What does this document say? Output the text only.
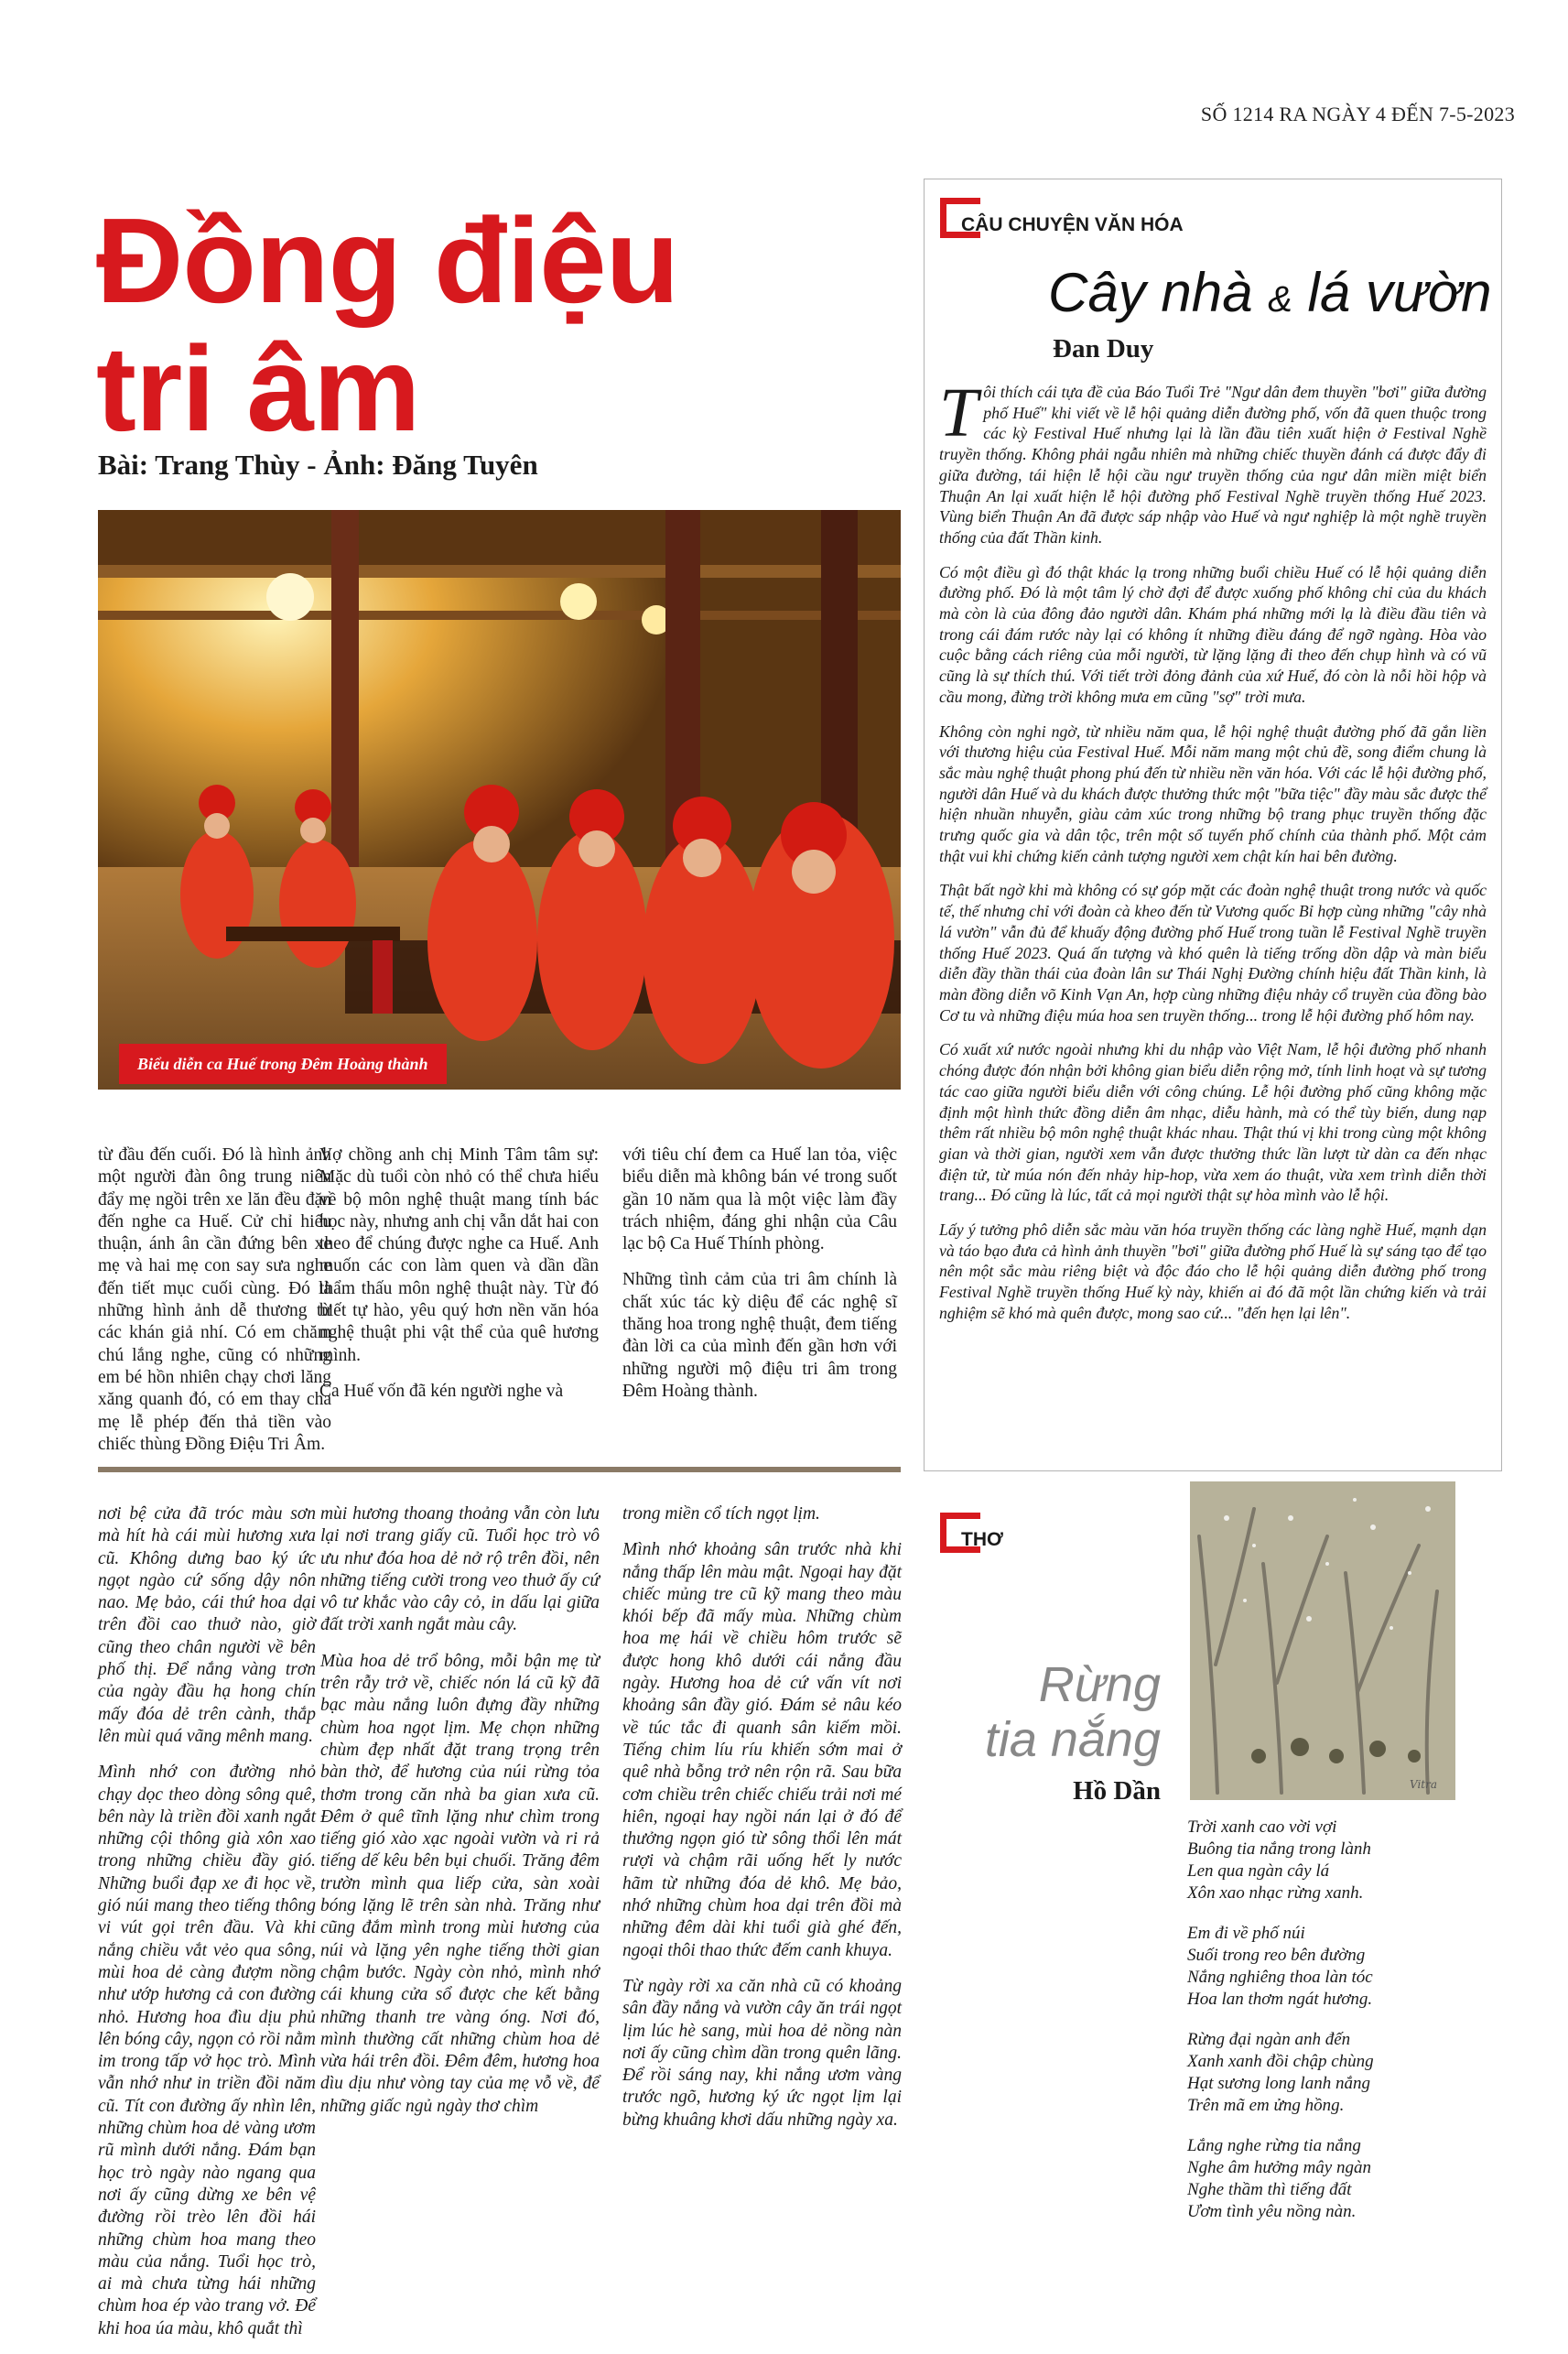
SỐ 1214 RA NGÀY 4 ĐẾN 7-5-2023
Đồng điệu
tri âm
Bài: Trang Thùy - Ảnh: Đăng Tuyên
Biểu diễn ca Huế trong Đêm Hoàng thành

từ đầu đến cuối. Đó là hình ảnh một người đàn ông trung niên đẩy mẹ ngồi trên xe lăn đều đặn đến nghe ca Huế. Cử chỉ hiếu thuận, ánh ân cần đứng bên xe mẹ và hai mẹ con say sưa nghe đến tiết mục cuối cùng. Đó là những hình ảnh dễ thương từ các khán giả nhí. Có em chăm chú lắng nghe, cũng có những em bé hồn nhiên chạy chơi lăng xăng quanh đó, có em thay cha mẹ lễ phép đến thả tiền vào chiếc thùng Đồng Điệu Tri Âm.

Vợ chồng anh chị Minh Tâm tâm sự: Mặc dù tuổi còn nhỏ có thể chưa hiểu về bộ môn nghệ thuật mang tính bác học này, nhưng anh chị vẫn dắt hai con theo để chúng được nghe ca Huế. Anh muốn các con làm quen và dần dần thẩm thấu môn nghệ thuật này. Từ đó biết tự hào, yêu quý hơn nền văn hóa nghệ thuật phi vật thể của quê hương mình.

Ca Huế vốn đã kén người nghe và

với tiêu chí đem ca Huế lan tỏa, việc biểu diễn mà không bán vé trong suốt gần 10 năm qua là một việc làm đầy trách nhiệm, đáng ghi nhận của Câu lạc bộ Ca Huế Thính phòng.

Những tình cảm của tri âm chính là chất xúc tác kỳ diệu để các nghệ sĩ thăng hoa trong nghệ thuật, đem tiếng đàn lời ca của mình đến gần hơn với những người mộ điệu tri âm trong Đêm Hoàng thành.

nơi bệ cửa đã tróc màu sơn mà hít hà cái mùi hương xưa cũ. Không dưng bao ký ức ngọt ngào cứ sống dậy nôn nao. Mẹ bảo, cái thứ hoa dại trên đồi cao thuở nào, giờ cũng theo chân người về bên phố thị. Để nắng vàng trơn của ngày đầu hạ hong chín mấy đóa dẻ trên cành, thắp lên mùi quá vãng mênh mang.

Mình nhớ con đường nhỏ chạy dọc theo dòng sông quê, bên này là triền đồi xanh ngắt những cội thông già xôn xao trong những chiều đầy gió. Những buổi đạp xe đi học về, gió núi mang theo tiếng thông vi vút gọi trên đầu. Và khi nắng chiều vắt vẻo qua sông, mùi hoa dẻ càng đượm nồng như ướp hương cả con đường nhỏ. Hương hoa đìu dịu phủ lên bóng cây, ngọn cỏ rồi nằm im trong tấp vở học trò. Mình vẫn nhớ như in triền đồi năm cũ. Tít con đường ấy nhìn lên, những chùm hoa dẻ vàng ươm rũ mình dưới nắng. Đám bạn học trò ngày nào ngang qua nơi ấy cũng dừng xe bên vệ đường rồi trèo lên đồi hái những chùm hoa mang theo màu của nắng. Tuổi học trò, ai mà chưa từng hái những chùm hoa ép vào trang vở. Để khi hoa úa màu, khô quắt thì

mùi hương thoang thoảng vẫn còn lưu lại nơi trang giấy cũ. Tuổi học trò vô ưu như đóa hoa dẻ nở rộ trên đồi, nên những tiếng cười trong veo thuở ấy cứ vô tư khắc vào cây cỏ, in dấu lại giữa đất trời xanh ngắt màu cây.

Mùa hoa dẻ trổ bông, mỗi bận mẹ từ trên rẫy trở về, chiếc nón lá cũ kỹ đã bạc màu nắng luôn đựng đầy những chùm hoa ngọt lịm. Mẹ chọn những chùm đẹp nhất đặt trang trọng trên bàn thờ, để hương của núi rừng tỏa thơm trong căn nhà ba gian xưa cũ. Đêm ở quê tĩnh lặng như chìm trong tiếng gió xào xạc ngoài vườn và ri rả tiếng dế kêu bên bụi chuối. Trăng đêm trườn mình qua liếp cửa, sàn xoài bóng lặng lẽ trên sàn nhà. Trăng như cũng đắm mình trong mùi hương của núi và lặng yên nghe tiếng thời gian chậm bước. Ngày còn nhỏ, mình nhớ cái khung cửa sổ được che kết bằng những thanh tre vàng óng. Nơi đó, mình thường cất những chùm hoa dẻ vừa hái trên đồi. Đêm đêm, hương hoa dìu dịu như vòng tay của mẹ vỗ về, để những giấc ngủ ngày thơ chìm

trong miền cổ tích ngọt lịm.

Mình nhớ khoảng sân trước nhà khi nắng thấp lên màu mật. Ngoại hay đặt chiếc mủng tre cũ kỹ mang theo màu khói bếp đã mấy mùa. Những chùm hoa mẹ hái về chiều hôm trước sẽ được hong khô dưới cái nắng đầu ngày. Hương hoa dẻ cứ vấn vít nơi khoảng sân đầy gió. Đám sẻ nâu kéo về túc tắc đi quanh sân kiếm mồi. Tiếng chim líu ríu khiến sớm mai ở quê nhà bỗng trở nên rộn rã. Sau bữa cơm chiều trên chiếc chiếu trải nơi mé hiên, ngoại hay ngồi nán lại ở đó để thưởng ngọn gió từ sông thổi lên mát rượi và chậm rãi uống hết ly nước hãm từ những đóa dẻ khô. Mẹ bảo, nhớ những chùm hoa dại trên đồi mà những đêm dài khi tuổi già ghé đến, ngoại thôi thao thức đếm canh khuya.

Từ ngày rời xa căn nhà cũ có khoảng sân đầy nắng và vườn cây ăn trái ngọt lịm lúc hè sang, mùi hoa dẻ nồng nàn nơi ấy cũng chìm dần trong quên lãng. Để rồi sáng nay, khi nắng ươm vàng trước ngõ, hương ký ức ngọt lịm lại bừng khuâng khơi dấu những ngày xa.

CÂU CHUYỆN VĂN HÓA
Cây nhà & lá vườn
Đan Duy

Tôi thích cái tựa đề của Báo Tuổi Trẻ "Ngư dân đem thuyền "bơi" giữa đường phố Huế" khi viết về lễ hội quảng diễn đường phố, vốn đã quen thuộc trong các kỳ Festival Huế nhưng lại là lần đầu tiên xuất hiện ở Festival Nghề truyền thống. Không phải ngẫu nhiên mà những chiếc thuyền đánh cá được đẩy đi giữa đường, tái hiện lễ hội cầu ngư truyền thống của ngư dân miền miệt biển Thuận An lại xuất hiện lễ hội đường phố Festival Nghề truyền thống Huế 2023. Vùng biển Thuận An đã được sáp nhập vào Huế và ngư nghiệp là một nghề truyền thống của đất Thần kinh.

Có một điều gì đó thật khác lạ trong những buổi chiều Huế có lễ hội quảng diễn đường phố. Đó là một tâm lý chờ đợi để được xuống phố không chỉ của du khách mà còn là của đông đảo người dân. Khám phá những mới lạ là điều đầu tiên và trong cái đám rước này lại có không ít những điều đáng để ngỡ ngàng. Hòa vào cuộc bằng cách riêng của mỗi người, từ lặng lặng đi theo đến chụp hình và có vũ cũng là sự thích thú. Với tiết trời đỏng đảnh của xứ Huế, đó còn là nỗi hồi hộp và cầu mong, đừng trời không mưa em cũng "sợ" trời mưa.

Không còn nghi ngờ, từ nhiều năm qua, lễ hội nghệ thuật đường phố đã gắn liền với thương hiệu của Festival Huế. Mỗi năm mang một chủ đề, song điểm chung là sắc màu nghệ thuật phong phú đến từ nhiều nền văn hóa. Với các lễ hội đường phố, người dân Huế và du khách được thưởng thức một "bữa tiệc" đầy màu sắc được thể hiện nhuần nhuyễn, giàu cảm xúc trong những bộ trang phục truyền thống đặc trưng quốc gia và dân tộc, trên một số tuyến phố chính của thành phố. Một cảm thật vui khi chứng kiến cảnh tượng người xem chật kín hai bên đường.

Thật bất ngờ khi mà không có sự góp mặt các đoàn nghệ thuật trong nước và quốc tế, thế nhưng chỉ với đoàn cà kheo đến từ Vương quốc Bỉ hợp cùng những "cây nhà lá vườn" vẫn đủ để khuấy động đường phố Huế trong tuần lễ Festival Nghề truyền thống Huế 2023. Quá ấn tượng và khó quên là tiếng trống dồn dập và màn biểu diễn đầy thần thái của đoàn lân sư Thái Nghị Đường chính hiệu đất Thần kinh, là màn đồng diễn võ Kinh Vạn An, hợp cùng những điệu nhảy cổ truyền của đồng bào Cơ tu và những điệu múa hoa sen truyền thống... trong lễ hội đường phố hôm nay.

Có xuất xứ nước ngoài nhưng khi du nhập vào Việt Nam, lễ hội đường phố nhanh chóng được đón nhận bởi không gian biểu diễn rộng mở, tính linh hoạt và sự tương tác cao giữa người biểu diễn với công chúng. Lễ hội đường phố cũng không mặc định một hình thức đồng diễn âm nhạc, diễu hành, mà có thể tùy biến, dung nạp thêm rất nhiều bộ môn nghệ thuật khác nhau. Thật thú vị khi trong cùng một không gian và thời gian, người xem vẫn được thưởng thức lần lượt từ dàn ca đến nhạc điện tử, từ múa nón đến nhảy hip-hop, vừa xem áo thuật, vừa xem trình diễn thời trang... Đó cũng là lúc, tất cả mọi người thật sự hòa mình vào lễ hội.

Lấy ý tưởng phô diễn sắc màu văn hóa truyền thống các làng nghề Huế, mạnh dạn và táo bạo đưa cả hình ảnh thuyền "bơi" giữa đường phố Huế là sự sáng tạo để tạo nên một sắc màu riêng biệt và độc đáo cho lễ hội quảng diễn đường phố trong Festival Nghề truyền thống Huế kỳ này, khiến ai đó đã một lần chứng kiến và trải nghiệm sẽ khó mà quên được, mong sao cứ... "đến hẹn lại lên".

THƠ
Vitra
Rừng
tia nắng
Hồ Dần

Trời xanh cao vời vợi
Buông tia nắng trong lành
Len qua ngàn cây lá
Xôn xao nhạc rừng xanh.

Em đi về phố núi
Suối trong reo bên đường
Nắng nghiêng thoa làn tóc
Hoa lan thơm ngát hương.

Rừng đại ngàn anh đến
Xanh xanh đồi chập chùng
Hạt sương long lanh nắng
Trên mã em ửng hồng.

Lắng nghe rừng tia nắng
Nghe âm hưởng mây ngàn
Nghe thầm thì tiếng đất
Ươm tình yêu nồng nàn.
